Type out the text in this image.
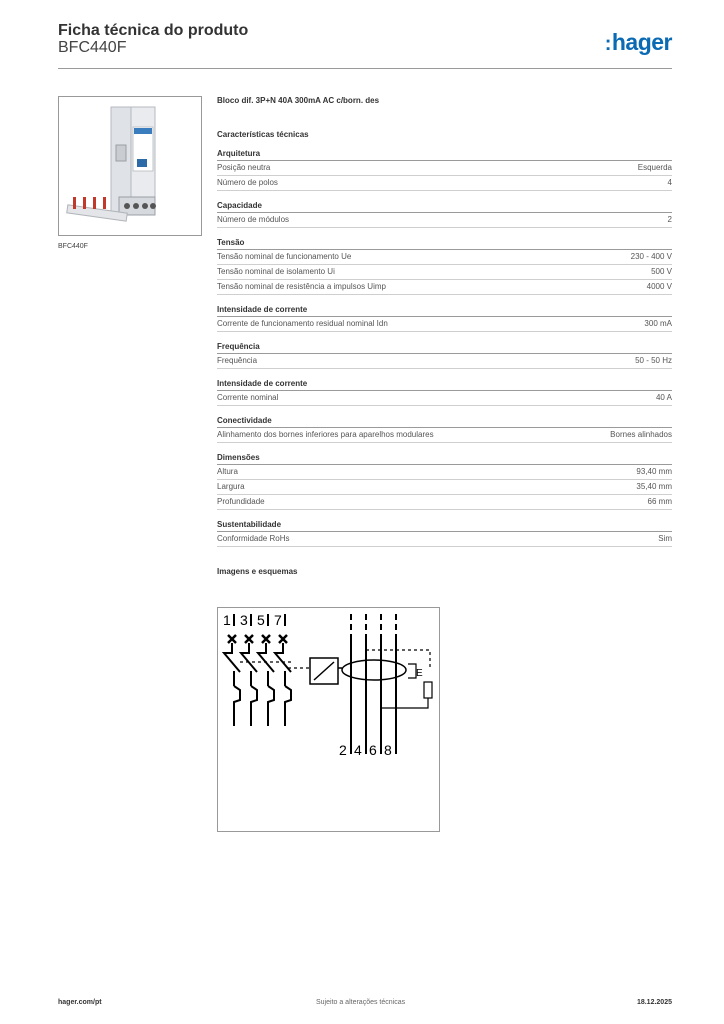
Ficha técnica do produto
BFC440F	:hager
BFC440F
Bloco dif. 3P+N 40A 300mA AC c/born. des
Características técnicas
Arquitetura
Posição neutra	Esquerda
Número de polos	4
Capacidade
Número de módulos	2
Tensão
Tensão nominal de funcionamento Ue	230 - 400 V
Tensão nominal de isolamento Ui	500 V
Tensão nominal de resistência a impulsos Uimp	4000 V
Intensidade de corrente
Corrente de funcionamento residual nominal Idn	300 mA
Frequência
Frequência	50 - 50 Hz
Intensidade de corrente
Corrente nominal	40 A
Conectividade
Alinhamento dos bornes inferiores para aparelhos modulares	Bornes alinhados
Dimensões
Altura	93,40 mm
Largura	35,40 mm
Profundidade	66 mm
Sustentabilidade
Conformidade RoHs	Sim
Imagens e esquemas
1 3 5 7
E
2 4 6 8
hager.com/pt	Sujeito a alterações técnicas	18.12.2025
